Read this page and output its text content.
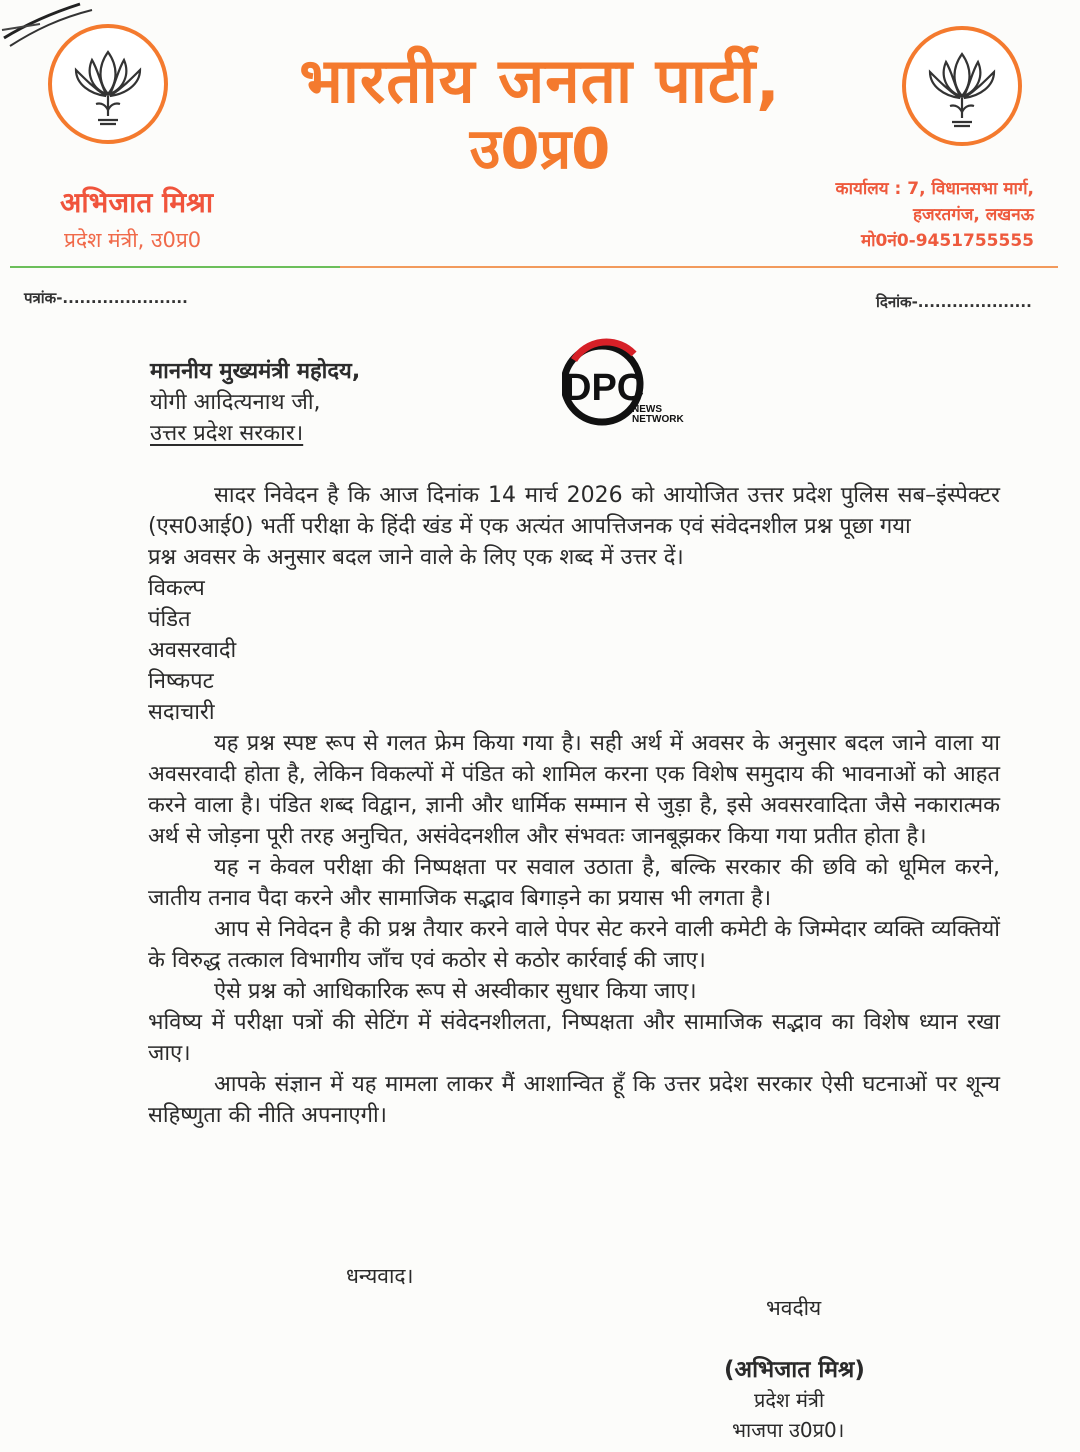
भारतीय जनता पार्टी,
उ0प्र0
अभिजात मिश्रा
प्रदेश मंत्री, उ0प्र0
कार्यालय : 7, विधानसभा मार्ग,
हजरतगंज, लखनऊ
मो0नं0-9451755555
पत्रांक-......................	दिनांक-....................
DPC
NEWS
NETWORK
माननीय मुख्यमंत्री महोदय,
योगी आदित्यनाथ जी,
उत्तर प्रदेश सरकार।

सादर निवेदन है कि आज दिनांक 14 मार्च 2026 को आयोजित उत्तर प्रदेश पुलिस सब–इंस्पेक्टर (एस0आई0) भर्ती परीक्षा के हिंदी खंड में एक अत्यंत आपत्तिजनक एवं संवेदनशील प्रश्न पूछा गया

प्रश्न अवसर के अनुसार बदल जाने वाले के लिए एक शब्द में उत्तर दें।

विकल्प

पंडित

अवसरवादी

निष्कपट

सदाचारी

यह प्रश्न स्पष्ट रूप से गलत फ्रेम किया गया है। सही अर्थ में अवसर के अनुसार बदल जाने वाला या अवसरवादी होता है, लेकिन विकल्पों में पंडित को शामिल करना एक विशेष समुदाय की भावनाओं को आहत करने वाला है। पंडित शब्द विद्वान, ज्ञानी और धार्मिक सम्मान से जुड़ा है, इसे अवसरवादिता जैसे नकारात्मक अर्थ से जोड़ना पूरी तरह अनुचित, असंवेदनशील और संभवतः जानबूझकर किया गया प्रतीत होता है।

यह न केवल परीक्षा की निष्पक्षता पर सवाल उठाता है, बल्कि सरकार की छवि को धूमिल करने, जातीय तनाव पैदा करने और सामाजिक सद्भाव बिगाड़ने का प्रयास भी लगता है।

आप से निवेदन है की प्रश्न तैयार करने वाले पेपर सेट करने वाली कमेटी के जिम्मेदार व्यक्ति व्यक्तियों के विरुद्ध तत्काल विभागीय जाँच एवं कठोर से कठोर कार्रवाई की जाए।

ऐसे प्रश्न को आधिकारिक रूप से अस्वीकार सुधार किया जाए।

भविष्य में परीक्षा पत्रों की सेटिंग में संवेदनशीलता, निष्पक्षता और सामाजिक सद्भाव का विशेष ध्यान रखा जाए।

आपके संज्ञान में यह मामला लाकर मैं आशान्वित हूँ कि उत्तर प्रदेश सरकार ऐसी घटनाओं पर शून्य सहिष्णुता की नीति अपनाएगी।

धन्यवाद।
भवदीय
(अभिजात मिश्र)
प्रदेश मंत्री
भाजपा उ0प्र0।
